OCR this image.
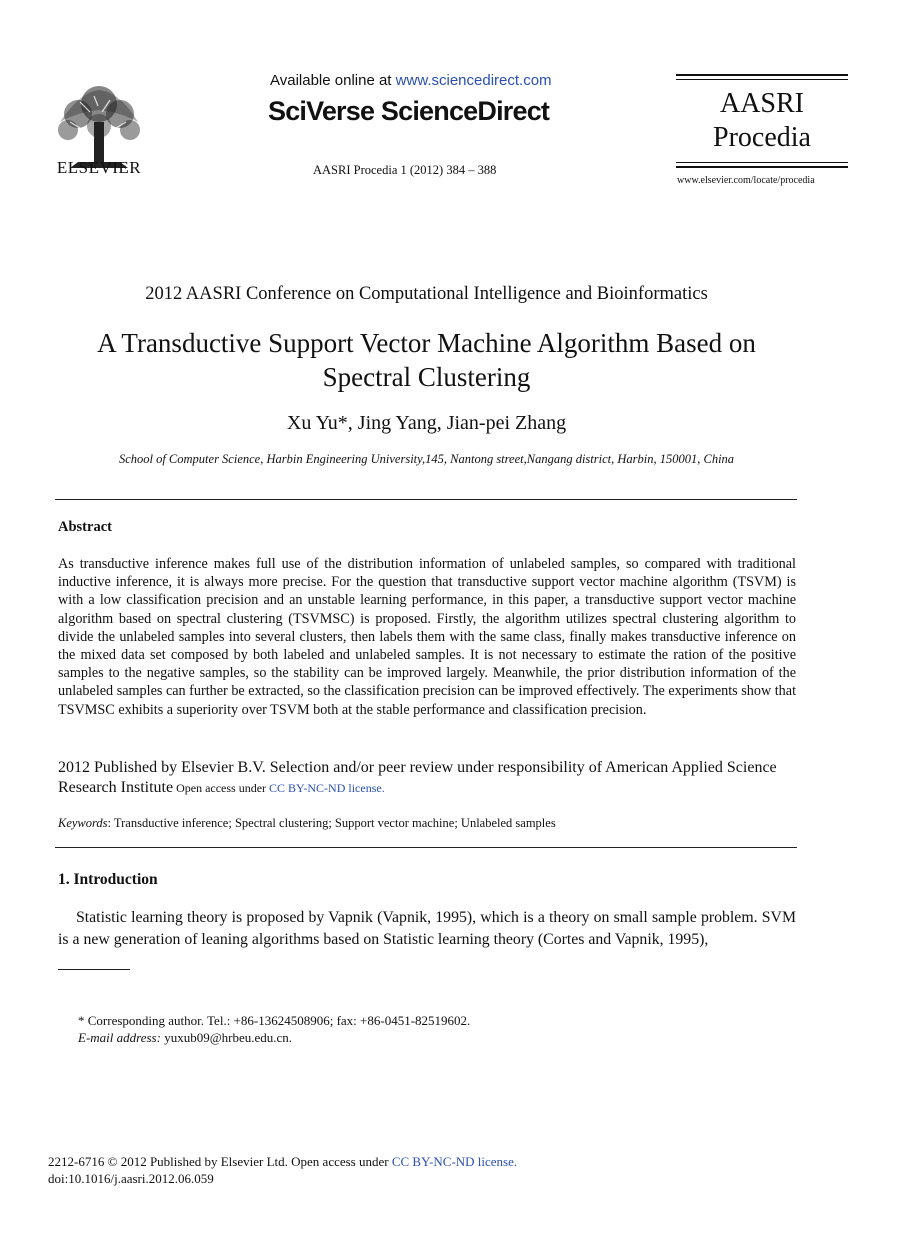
ELSEVIER
Available online at www.sciencedirect.com
SciVerse ScienceDirect
AASRI Procedia 1 (2012) 384 – 388
AASRI
Procedia
www.elsevier.com/locate/procedia
2012 AASRI Conference on Computational Intelligence and Bioinformatics
A Transductive Support Vector Machine Algorithm Based on
Spectral Clustering
Xu Yu*, Jing Yang, Jian-pei Zhang
School of Computer Science, Harbin Engineering University,145, Nantong street,Nangang district, Harbin, 150001, China
Abstract
As transductive inference makes full use of the distribution information of unlabeled samples, so compared with traditional inductive inference, it is always more precise. For the question that transductive support vector machine algorithm (TSVM) is with a low classification precision and an unstable learning performance, in this paper, a transductive support vector machine algorithm based on spectral clustering (TSVMSC) is proposed. Firstly, the algorithm utilizes spectral clustering algorithm to divide the unlabeled samples into several clusters, then labels them with the same class, finally makes transductive inference on the mixed data set composed by both labeled and unlabeled samples. It is not necessary to estimate the ration of the positive samples to the negative samples, so the stability can be improved largely. Meanwhile, the prior distribution information of the unlabeled samples can further be extracted, so the classification precision can be improved effectively. The experiments show that TSVMSC exhibits a superiority over TSVM both at the stable performance and classification precision.
2012 Published by Elsevier B.V. Selection and/or peer review under responsibility of American Applied Science Research Institute Open access under CC BY-NC-ND license.
Keywords: Transductive inference; Spectral clustering; Support vector machine; Unlabeled samples
1. Introduction
Statistic learning theory is proposed by Vapnik (Vapnik, 1995), which is a theory on small sample problem. SVM is a new generation of leaning algorithms based on Statistic learning theory (Cortes and Vapnik, 1995),
* Corresponding author. Tel.: +86-13624508906; fax: +86-0451-82519602.
E-mail address: yuxub09@hrbeu.edu.cn.
2212-6716 © 2012 Published by Elsevier Ltd. Open access under CC BY-NC-ND license.
doi:10.1016/j.aasri.2012.06.059
